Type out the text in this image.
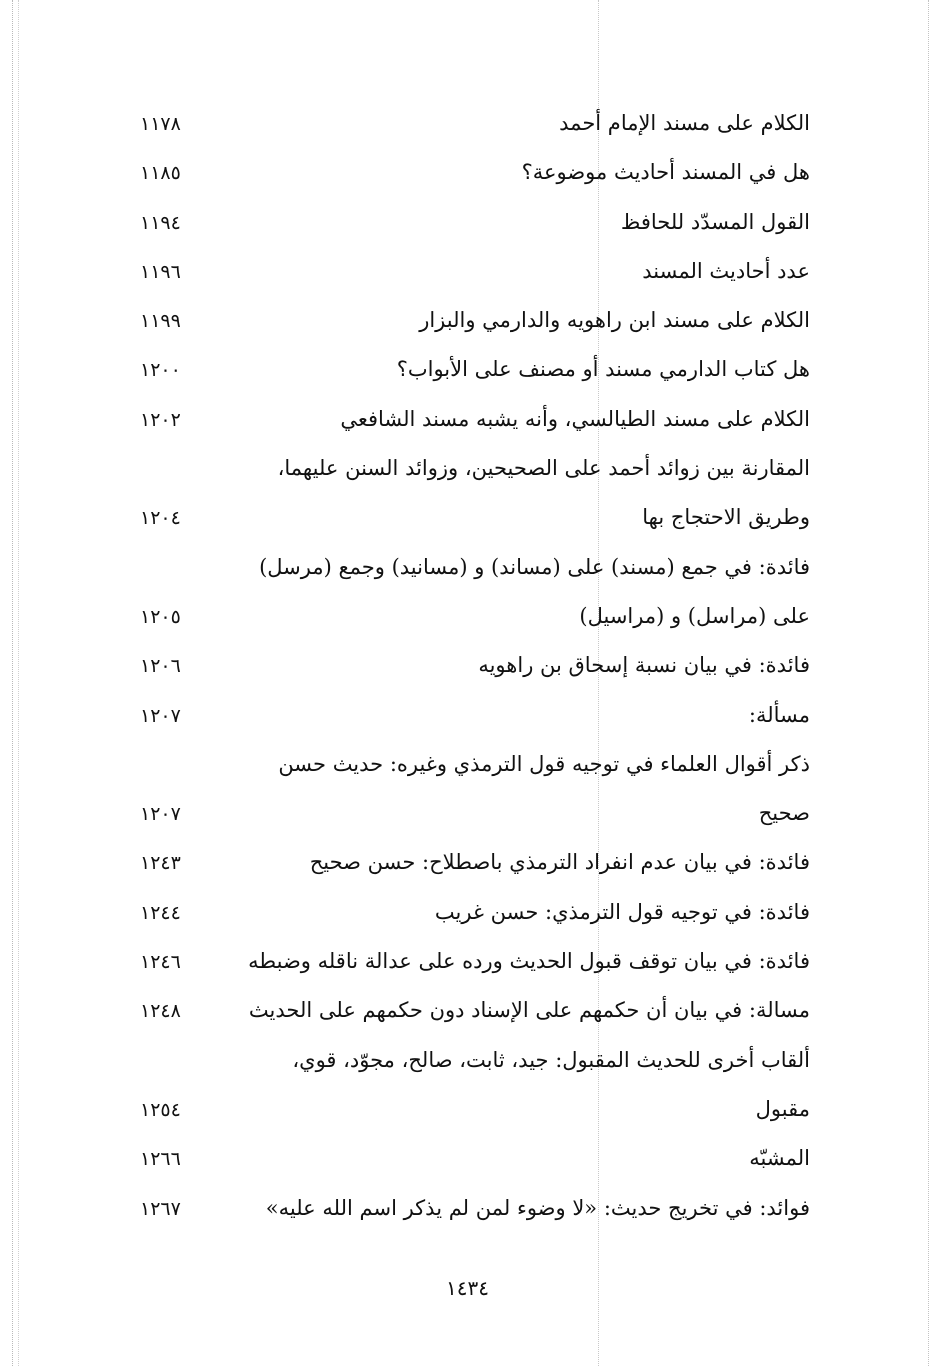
الكلام على مسند الإمام أحمد
١١٧٨
هل في المسند أحاديث موضوعة؟
١١٨٥
القول المسدّد للحافظ
١١٩٤
عدد أحاديث المسند
١١٩٦
الكلام على مسند ابن راهويه والدارمي والبزار
١١٩٩
هل كتاب الدارمي مسند أو مصنف على الأبواب؟
١٢٠٠
الكلام على مسند الطيالسي، وأنه يشبه مسند الشافعي
١٢٠٢
المقارنة بين زوائد أحمد على الصحيحين، وزوائد السنن عليهما،
وطريق الاحتجاج بها
١٢٠٤
فائدة: في جمع (مسند) على (مساند) و (مسانيد) وجمع (مرسل)
على (مراسل) و (مراسيل)
١٢٠٥
فائدة: في بيان نسبة إسحاق بن راهويه
١٢٠٦
مسألة:
١٢٠٧
ذكر أقوال العلماء في توجيه قول الترمذي وغيره: حديث حسن
صحيح
١٢٠٧
فائدة: في بيان عدم انفراد الترمذي باصطلاح: حسن صحيح
١٢٤٣
فائدة: في توجيه قول الترمذي: حسن غريب
١٢٤٤
فائدة: في بيان توقف قبول الحديث ورده على عدالة ناقله وضبطه
١٢٤٦
مسالة: في بيان أن حكمهم على الإسناد دون حكمهم على الحديث
١٢٤٨
ألقاب أخرى للحديث المقبول: جيد، ثابت، صالح، مجوّد، قوي،
مقبول
١٢٥٤
المشبّه
١٢٦٦
فوائد: في تخريج حديث: «لا وضوء لمن لم يذكر اسم الله عليه»
١٢٦٧
١٤٣٤
